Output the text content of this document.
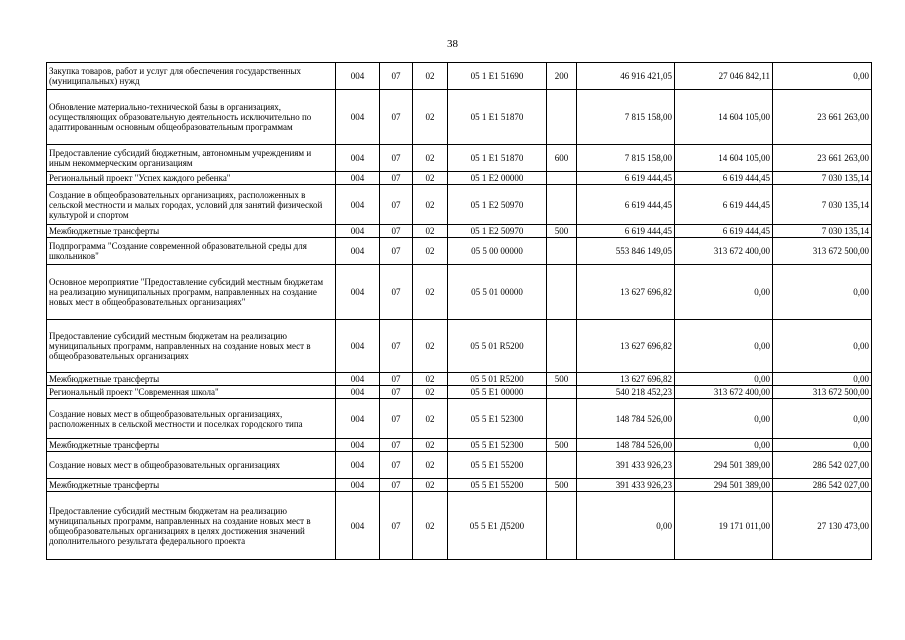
38
Закупка товаров, работ и услуг для обеспечения государственных (муниципальных) нужд	004	07	02	05 1 Е1 51690	200	46 916 421,05	27 046 842,11	0,00
Обновление материально-технической базы в организациях, осуществляющих образовательную деятельность исключительно по адаптированным основным общеобразовательным программам	004	07	02	05 1 Е1 51870		7 815 158,00	14 604 105,00	23 661 263,00
Предоставление субсидий бюджетным, автономным учреждениям и иным некоммерческим организациям	004	07	02	05 1 Е1 51870	600	7 815 158,00	14 604 105,00	23 661 263,00
Региональный проект "Успех каждого ребенка"	004	07	02	05 1 Е2 00000		6 619 444,45	6 619 444,45	7 030 135,14
Создание в общеобразовательных организациях, расположенных в сельской местности и малых городах, условий для занятий физической культурой и спортом	004	07	02	05 1 Е2 50970		6 619 444,45	6 619 444,45	7 030 135,14
Межбюджетные трансферты	004	07	02	05 1 Е2 50970	500	6 619 444,45	6 619 444,45	7 030 135,14
Подпрограмма "Создание современной образовательной среды для школьников"	004	07	02	05 5 00 00000		553 846 149,05	313 672 400,00	313 672 500,00
Основное мероприятие "Предоставление субсидий местным бюджетам на реализацию муниципальных программ, направленных на создание новых мест в общеобразовательных организациях"	004	07	02	05 5 01 00000		13 627 696,82	0,00	0,00
Предоставление субсидий местным бюджетам на реализацию муниципальных программ, направленных на создание новых мест в общеобразовательных организациях	004	07	02	05 5 01 R5200		13 627 696,82	0,00	0,00
Межбюджетные трансферты	004	07	02	05 5 01 R5200	500	13 627 696,82	0,00	0,00
Региональный проект "Современная школа"	004	07	02	05 5 Е1 00000		540 218 452,23	313 672 400,00	313 672 500,00
Создание новых мест в общеобразовательных организациях, расположенных в сельской местности и поселках городского типа	004	07	02	05 5 Е1 52300		148 784 526,00	0,00	0,00
Межбюджетные трансферты	004	07	02	05 5 Е1 52300	500	148 784 526,00	0,00	0,00
Создание новых мест в общеобразовательных организациях	004	07	02	05 5 Е1 55200		391 433 926,23	294 501 389,00	286 542 027,00
Межбюджетные трансферты	004	07	02	05 5 Е1 55200	500	391 433 926,23	294 501 389,00	286 542 027,00
Предоставление субсидий местным бюджетам на реализацию муниципальных программ, направленных на создание новых мест в общеобразовательных организациях в целях достижения значений дополнительного результата федерального проекта	004	07	02	05 5 Е1 Д5200		0,00	19 171 011,00	27 130 473,00
